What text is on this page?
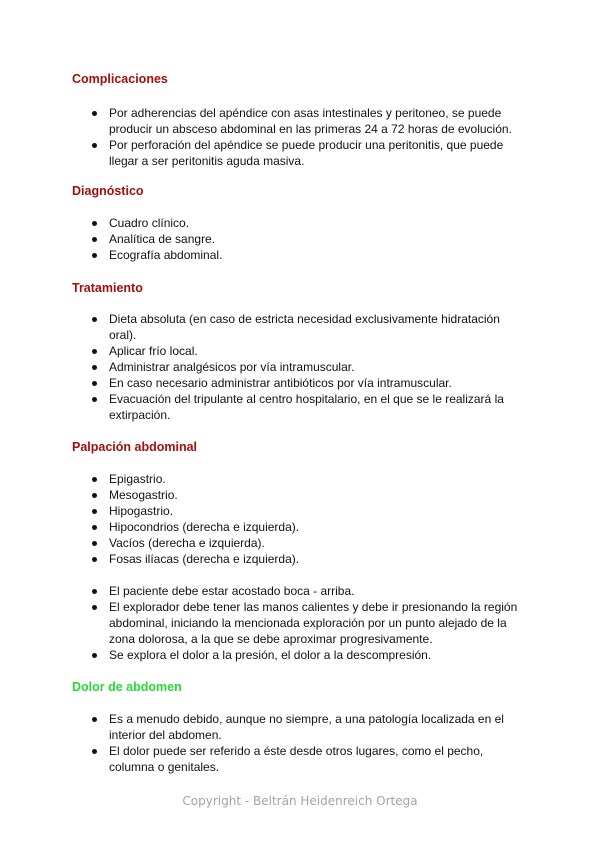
Complicaciones
Por adherencias del apéndice con asas intestinales y peritoneo, se puede producir un absceso abdominal en las primeras 24 a 72 horas de evolución.
Por perforación del apéndice se puede producir una peritonitis, que puede llegar a ser peritonitis aguda masiva.
Diagnóstico
Cuadro clínico.
Analítica de sangre.
Ecografía abdominal.
Tratamiento
Dieta absoluta (en caso de estricta necesidad exclusivamente hidratación oral).
Aplicar frío local.
Administrar analgésicos por vía intramuscular.
En caso necesario administrar antibióticos por vía intramuscular.
Evacuación del tripulante al centro hospitalario, en el que se le realizará la extirpación.
Palpación abdominal
Epigastrio.
Mesogastrio.
Hipogastrio.
Hipocondrios (derecha e izquierda).
Vacíos (derecha e izquierda).
Fosas ilíacas (derecha e izquierda).
El paciente debe estar acostado boca - arriba.
El explorador debe tener las manos calientes y debe ir presionando la región abdominal, iniciando la mencionada exploración por un punto alejado de la zona dolorosa, a la que se debe aproximar progresivamente.
Se explora el dolor a la presión, el dolor a la descompresión.
Dolor de abdomen
Es a menudo debido, aunque no siempre, a una patología localizada en el interior del abdomen.
El dolor puede ser referido a éste desde otros lugares, como el pecho, columna o genitales.
Copyright - Beltrán Heidenreich Ortega
